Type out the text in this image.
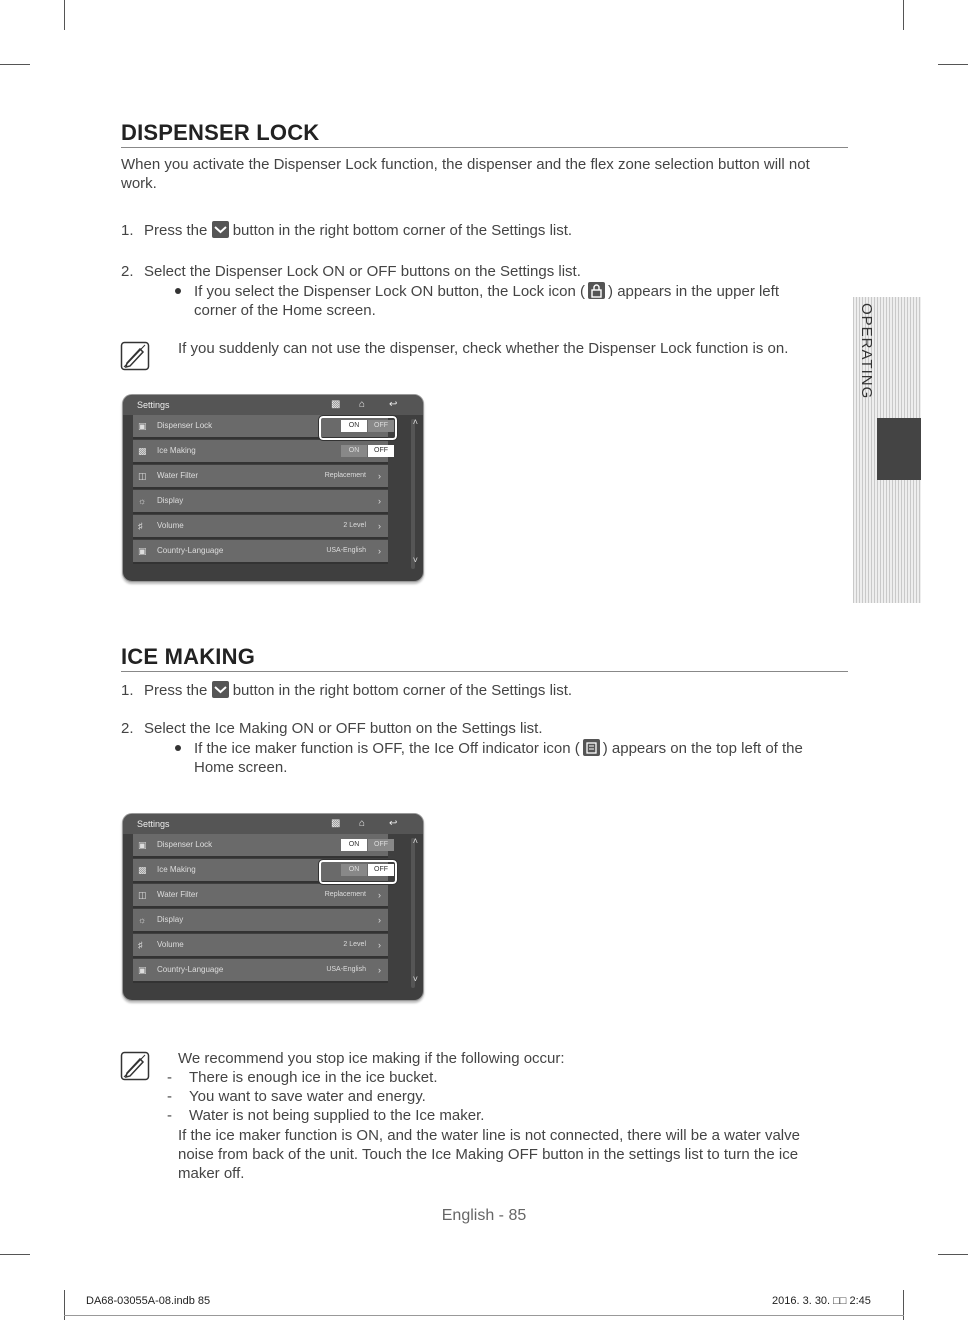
OPERATING
DISPENSER LOCK
When you activate the Dispenser Lock function, the dispenser and the flex zone selection button will not
work.
1. Press the button in the right bottom corner of the Settings list.
2. Select the Dispenser Lock ON or OFF buttons on the Settings list.
If you select the Dispenser Lock ON button, the Lock icon ( ) appears in the upper left
corner of the Home screen.
If you suddenly can not use the dispenser, check whether the Dispenser Lock function is on.
Settings	▩ ⌂ ↩
▣ Dispenser Lock	ON	OFF
▩ Ice Making	ON	OFF
◫ Water Filter	Replacement ›
☼ Display	›
♯ Volume	2 Level ›
▣ Country-Language	USA-English ›
˄
˅
ICE MAKING
1. Press the button in the right bottom corner of the Settings list.
2. Select the Ice Making ON or OFF button on the Settings list.
If the ice maker function is OFF, the Ice Off indicator icon ( ) appears on the top left of the
Home screen.
Settings	▩ ⌂ ↩
▣ Dispenser Lock	ON	OFF
▩ Ice Making	ON	OFF
◫ Water Filter	Replacement ›
☼ Display	›
♯ Volume	2 Level ›
▣ Country-Language	USA-English ›
˄
˅
We recommend you stop ice making if the following occur:
- There is enough ice in the ice bucket.
- You want to save water and energy.
- Water is not being supplied to the Ice maker.
If the ice maker function is ON, and the water line is not connected, there will be a water valve
noise from back of the unit. Touch the Ice Making OFF button in the settings list to turn the ice
maker off.
English - 85
DA68-03055A-08.indb 85	2016. 3. 30. □□ 2:45
